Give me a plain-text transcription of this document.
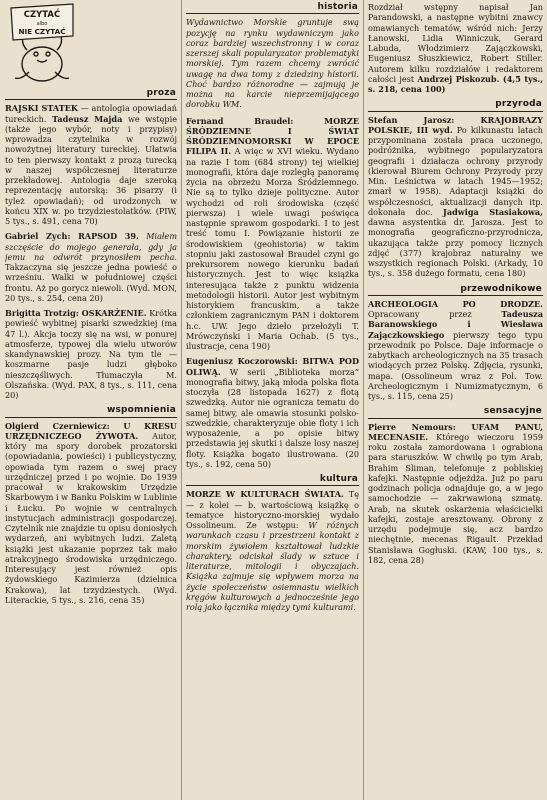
CZYTAĆ
albo
NIE CZYTAĆ
proza
RAJSKI STATEK — antologia opowiadań tureckich. Tadeusz Majda we wstępie (także jego wybór, noty i przypisy) wprowadza czytelnika w rozwój nowożytnej literatury tureckiej. Ułatwia to ten pierwszy kontakt z prozą turecką w naszej współczesnej literaturze przekładowej. Antologia daje szeroką reprezentację autorską: 36 pisarzy (i tyleż opowiadań); od urodzonych w końcu XIX w. po trzydziestolatków. (PIW, 5 tys., s. 491, cena 70)
Gabriel Zych: RAPSOD 39. Miałem szczęście do mojego generała, gdy ja jemu na odwrót przynosiłem pecha. Takzaczyna się jeszcze jedna powieść o wrześniu. Walki w południowej części frontu. Aż po gorycz niewoli. (Wyd. MON, 20 tys., s. 254, cena 20)
Brigitta Trotzig: OSKARŻENIE. Krótka powieść wybitnej pisarki szwedzkiej (ma 47 l.). Akcja toczy się na wsi, w ponurej atmosferze, typowej dla wielu utworów skandynawskiej prozy. Na tym tle — koszmarne pasje ludzi głęboko nieszczęśliwych. Tłumaczyła M. Olszańska. (Wyd. PAX, 8 tys., s. 111, cena 20)
wspomnienia
Olgierd Czerniewicz: U KRESU URZĘDNICZEGO ŻYWOTA. Autor, który ma spory dorobek prozatorski (opowiadania, powieści) i publicystyczny, opowiada tym razem o swej pracy urzędniczej przed i po wojnie. Do 1939 pracował w krakowskim Urzędzie Skarbowym i w Banku Polskim w Lublinie i Łucku. Po wojnie w centralnych instytucjach administracji gospodarczej. Czytelnik nie znajdzie tu opisu doniosłych wydarzeń, ani wybitnych ludzi. Zaletą książki jest ukazanie poprzez tak mało atrakcyjnego środowiska urzędniczego. Interesujący jest również opis żydowskiego Kazimierza (dzielnica Krakowa), lat trzydziestych. (Wyd. Literackie, 5 tys., s. 216, cena 35)
historia
Wydawnictwo Morskie gruntuje swą pozycję na rynku wydawniczym jako coraz bardziej wszechstronny i w coraz szerszej skali popularyzator problematyki morskiej. Tym razem chcemy zwrócić uwagę na dwa tomy z dziedziny historii. Choć bardzo różnorodne — zajmują je można na karcie nieprzemijającego dorobku WM.
Fernand Braudel: MORZE ŚRÓDZIEMNE I ŚWIAT ŚRÓDZIEMNOMORSKI W EPOCE FILIPA II. A więc w XVI wieku. Wydano na razie I tom (684 strony) tej wielkiej monografii, która daje rozległą panoramę życia na obrzeżu Morza Śródziemnego. Nie są to tylko dzieje polityczne. Autor wychodzi od roli środowiska (część pierwsza) i wiele uwagi poświęca następnie sprawom gospodarki. I to jest treść tomu I. Powiązanie historii ze środowiskiem (geohistoria) w takim stopniu jaki zastosował Braudel czyni go prekursorem nowego kierunku badań historycznych. Jest to więc książka interesująca także z punktu widzenia metodologii historii. Autor jest wybitnym historykiem francuskim, a także członkiem zagranicznym PAN i doktorem h.c. UW. Jego dzieło przełożyli T. Mrówczyński i Maria Ochab. (5 tys., ilustracje, cena 190)
Eugeniusz Koczorowski: BITWA POD OLIWĄ. W serii „Biblioteka morza” monografia bitwy, jaką młoda polska flota stoczyła (28 listopada 1627) z flotą szwedzką. Autor nie ogranicza tematu do samej bitwy, ale omawia stosunki polsko-szwedzkie, charakteryzuje obie floty i ich wyposażenie, a po opisie bitwy przedstawia jej skutki i dalsze losy naszej floty. Książka bogato ilustrowana. (20 tys., s. 192, cena 50)
kultura
MORZE W KULTURACH ŚWIATA. Tę — z kolei — b. wartościową książkę o tematyce historyczno-morskiej wydało Ossolineum. Ze wstępu: W różnych warunkach czasu i przestrzeni kontakt z morskim żywiołem kształtował ludzkie charaktery, odciskał ślady w sztuce i literaturze, mitologii i obyczajach. Książka zajmuje się wpływem morza na życie społeczeństw osiemnastu wielkich kręgów kulturowych a jednocześnie jego rolą jako łącznika między tymi kulturami.
Rozdział wstępny napisał Jan Parandowski, a następne wybitni znawcy omawianych tematów, wśród nich: Jerzy Łanowski, Lidia Winniczuk, Gerard Labuda, Włodzimierz Zajączkowski, Eugeniusz Słuszkiewicz, Robert Stiller. Autorem kilku rozdziałów i redaktorem całości jest Andrzej Piskozub. (4,5 tys., s. 218, cena 100)
przyroda
Stefan Jarosz: KRAJOBRAZY POLSKIE, III wyd. Po kilkunastu latach przypominana została praca uczonego, podróżnika, wybitnego popularyzatora geografii i działacza ochrony przyrody (kierował Biurem Ochrony Przyrody przy Min. Leśnictwa w latach 1945—1952; zmarł w 1958). Adaptacji książki do współczesności, aktualizacji danych itp. dokonała doc. Jadwiga Stasiakowa, dawna asystentka dr. Jarosza. Jest to monografia geograficzno-przyrodnicza, ukazująca także przy pomocy licznych zdjęć (377) krajobraz naturalny we wszystkich regionach Polski. (Arkady, 10 tys., s. 358 dużego formatu, cena 180)
przewodnikowe
ARCHEOLOGIA PO DRODZE. Opracowany przez Tadeusza Baranowskiego i Wiesława Zajączkowskiego pierwszy tego typu przewodnik po Polsce. Daje informacje o zabytkach archeologicznych na 35 trasach wiodących przez Polskę. Zdjęcia, rysunki, mapa. (Ossolineum wraz z Pol. Tow. Archeologicznym i Numizmatycznym, 6 tys., s. 115, cena 25)
sensacyjne
Pierre Nemours: UFAM PANU, MECENASIE. Którego wieczoru 1959 roku została zamordowana i ograbiona para staruszków. W chwilę po tym Arab, Brahim Sliman, telefonuje z pobliskiej kafejki. Następnie odjeżdża. Już po paru godzinach policja odnajduje go, a w jego samochodzie — zakrwawioną szmatę. Arab, na skutek oskarżenia właścicielki kafejki, zostaje aresztowany. Obrony z urzędu podejmuje się, acz bardzo niechętnie, mecenas Rigault. Przekład Stanisława Gogłuski. (KAW, 100 tys., s. 182, cena 28)
